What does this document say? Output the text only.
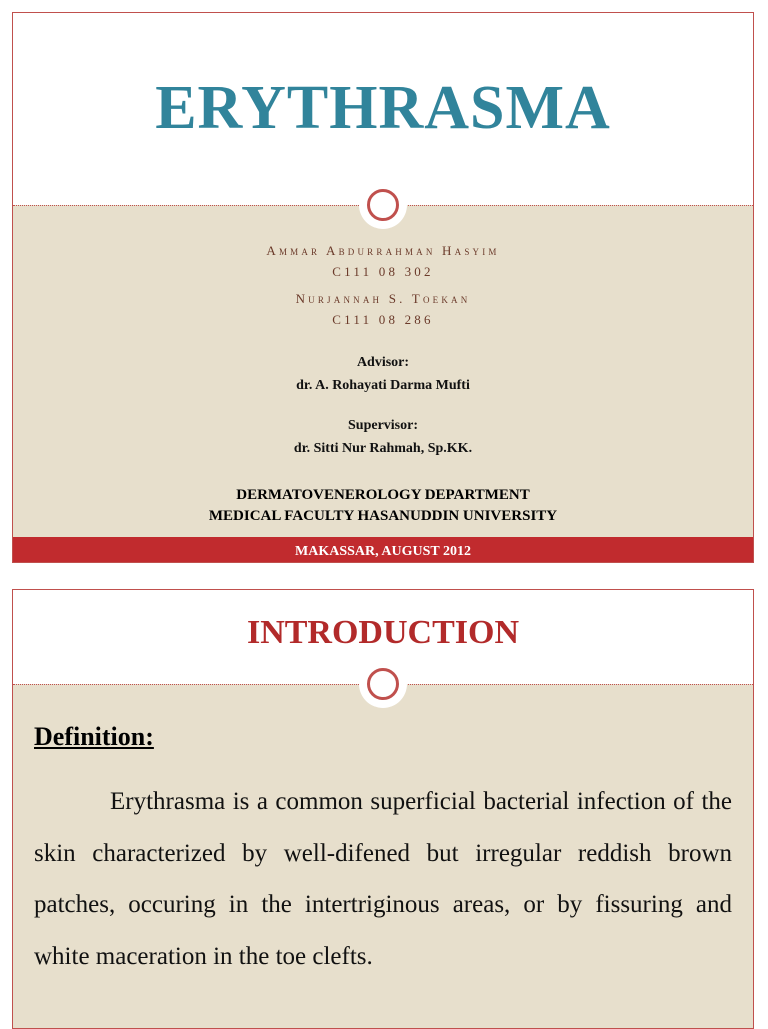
ERYTHRASMA
Ammar Abdurrahman Hasyim
C111 08 302
Nurjannah S. Toekan
C111 08 286
Advisor:
dr. A. Rohayati Darma Mufti
Supervisor:
dr. Sitti Nur Rahmah, Sp.KK.
DERMATOVENEROLOGY DEPARTMENT
MEDICAL FACULTY HASANUDDIN UNIVERSITY
MAKASSAR, AUGUST 2012
INTRODUCTION
Definition:

Erythrasma is a common superficial bacterial infection of the skin characterized by well-difened but irregular reddish brown patches, occuring in the intertriginous areas, or by fissuring and white maceration in the toe clefts.
